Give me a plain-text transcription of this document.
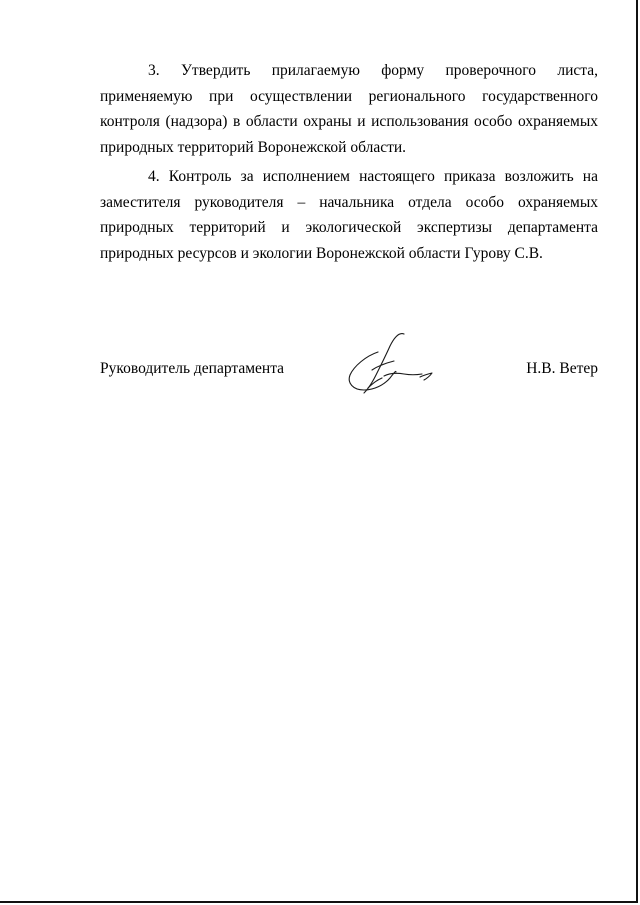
3. Утвердить прилагаемую форму проверочного листа, применяемую при осуществлении регионального государственного контроля (надзора) в области охраны и использования особо охраняемых природных территорий Воронежской области.

4. Контроль за исполнением настоящего приказа возложить на заместителя руководителя – начальника отдела особо охраняемых природных территорий и экологической экспертизы департамента природных ресурсов и экологии Воронежской области Гурову С.В.

Руководитель департамента	Н.В. Ветер
